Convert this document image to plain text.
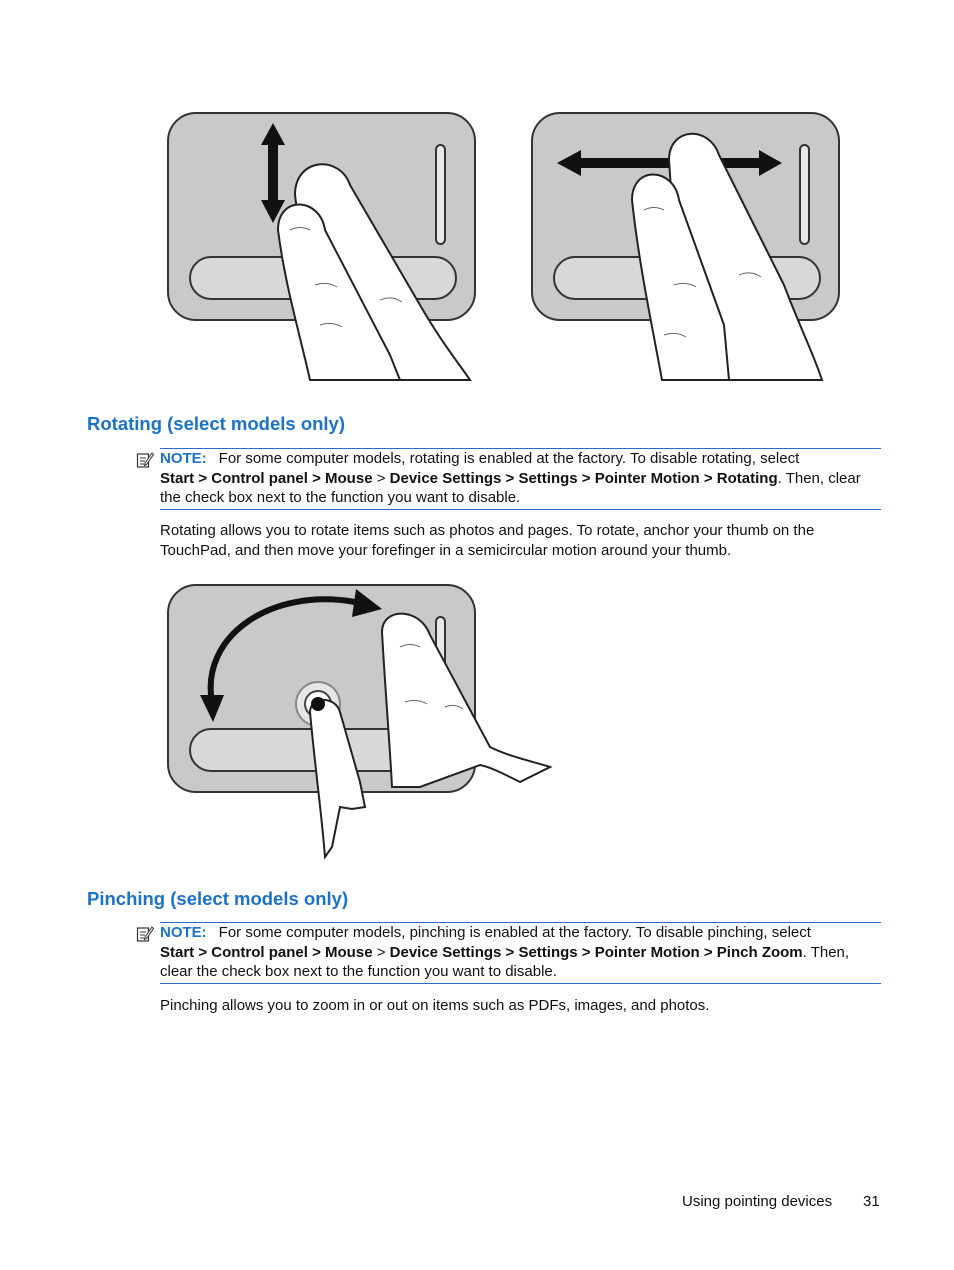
Rotating (select models only)
NOTE: For some computer models, rotating is enabled at the factory. To disable rotating, select
Start > Control panel > Mouse > Device Settings > Settings > Pointer Motion > Rotating. Then, clear the check box next to the function you want to disable.

Rotating allows you to rotate items such as photos and pages. To rotate, anchor your thumb on the TouchPad, and then move your forefinger in a semicircular motion around your thumb.

Pinching (select models only)
NOTE: For some computer models, pinching is enabled at the factory. To disable pinching, select
Start > Control panel > Mouse > Device Settings > Settings > Pointer Motion > Pinch Zoom. Then, clear the check box next to the function you want to disable.

Pinching allows you to zoom in or out on items such as PDFs, images, and photos.

Using pointing devices 31
